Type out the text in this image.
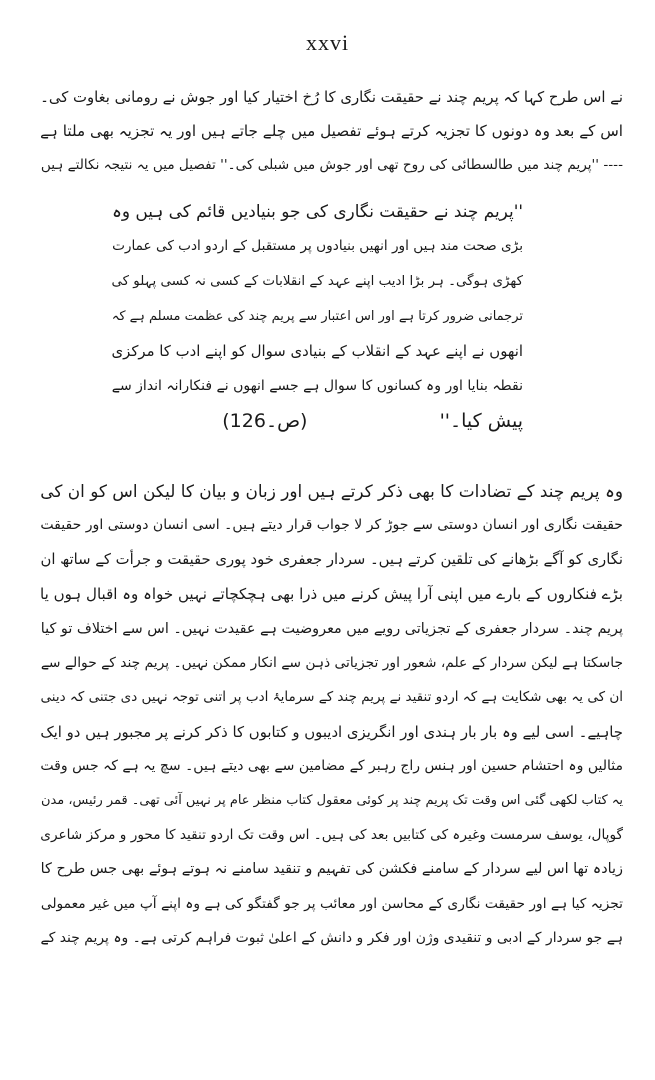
xxvi
نے اس طرح کہا کہ پریم چند نے حقیقت نگاری کا رُخ اختیار کیا اور جوش نے رومانی بغاوت کی۔
اس کے بعد وہ دونوں کا تجزیہ کرتے ہوئے تفصیل میں چلے جاتے ہیں اور یہ تجزیہ بھی ملتا ہے
---- ''پریم چند میں طالسطائی کی روح تھی اور جوش میں شبلی کی۔'' تفصیل میں یہ نتیجہ نکالتے ہیں
''پریم چند نے حقیقت نگاری کی جو بنیادیں قائم کی ہیں وہ
بڑی صحت مند ہیں اور انھیں بنیادوں پر مستقبل کے اردو ادب کی عمارت
کھڑی ہوگی۔ ہر بڑا ادیب اپنے عہد کے انقلابات کے کسی نہ کسی پہلو کی
ترجمانی ضرور کرتا ہے اور اس اعتبار سے پریم چند کی عظمت مسلم ہے کہ
انھوں نے اپنے عہد کے انقلاب کے بنیادی سوال کو اپنے ادب کا مرکزی
نقطہ بنایا اور وہ کسانوں کا سوال ہے جسے انھوں نے فنکارانہ انداز سے
پیش کیا۔''  (ص۔126)
وہ پریم چند کے تضادات کا بھی ذکر کرتے ہیں اور زبان و بیان کا لیکن اس کو ان کی
حقیقت نگاری اور انسان دوستی سے جوڑ کر لا جواب قرار دیتے ہیں۔ اسی انسان دوستی اور حقیقت
نگاری کو آگے بڑھانے کی تلقین کرتے ہیں۔ سردار جعفری خود پوری حقیقت و جرأت کے ساتھ ان
بڑے فنکاروں کے بارے میں اپنی آرا پیش کرنے میں ذرا بھی ہچکچاتے نہیں خواہ وہ اقبال ہوں یا
پریم چند۔ سردار جعفری کے تجزیاتی رویے میں معروضیت ہے عقیدت نہیں۔ اس سے اختلاف تو کیا
جاسکتا ہے لیکن سردار کے علم، شعور اور تجزیاتی ذہن سے انکار ممکن نہیں۔ پریم چند کے حوالے سے
ان کی یہ بھی شکایت ہے کہ اردو تنقید نے پریم چند کے سرمایۂ ادب پر اتنی توجہ نہیں دی جتنی کہ دینی
چاہیے۔ اسی لیے وہ بار بار ہندی اور انگریزی ادیبوں و کتابوں کا ذکر کرنے پر مجبور ہیں دو ایک
مثالیں وہ احتشام حسین اور ہنس راج رہبر کے مضامین سے بھی دیتے ہیں۔ سچ یہ ہے کہ جس وقت
یہ کتاب لکھی گئی اس وقت تک پریم چند پر کوئی معقول کتاب منظر عام پر نہیں آئی تھی۔ قمر رئیس، مدن
گوپال، یوسف سرمست وغیرہ کی کتابیں بعد کی ہیں۔ اس وقت تک اردو تنقید کا محور و مرکز شاعری
زیادہ تھا اس لیے سردار کے سامنے فکشن کی تفہیم و تنقید سامنے نہ ہوتے ہوئے بھی جس طرح کا
تجزیہ کیا ہے اور حقیقت نگاری کے محاسن اور معائب پر جو گفتگو کی ہے وہ اپنے آپ میں غیر معمولی
ہے جو سردار کے ادبی و تنقیدی وژن اور فکر و دانش کے اعلیٰ ثبوت فراہم کرتی ہے۔ وہ پریم چند کے
